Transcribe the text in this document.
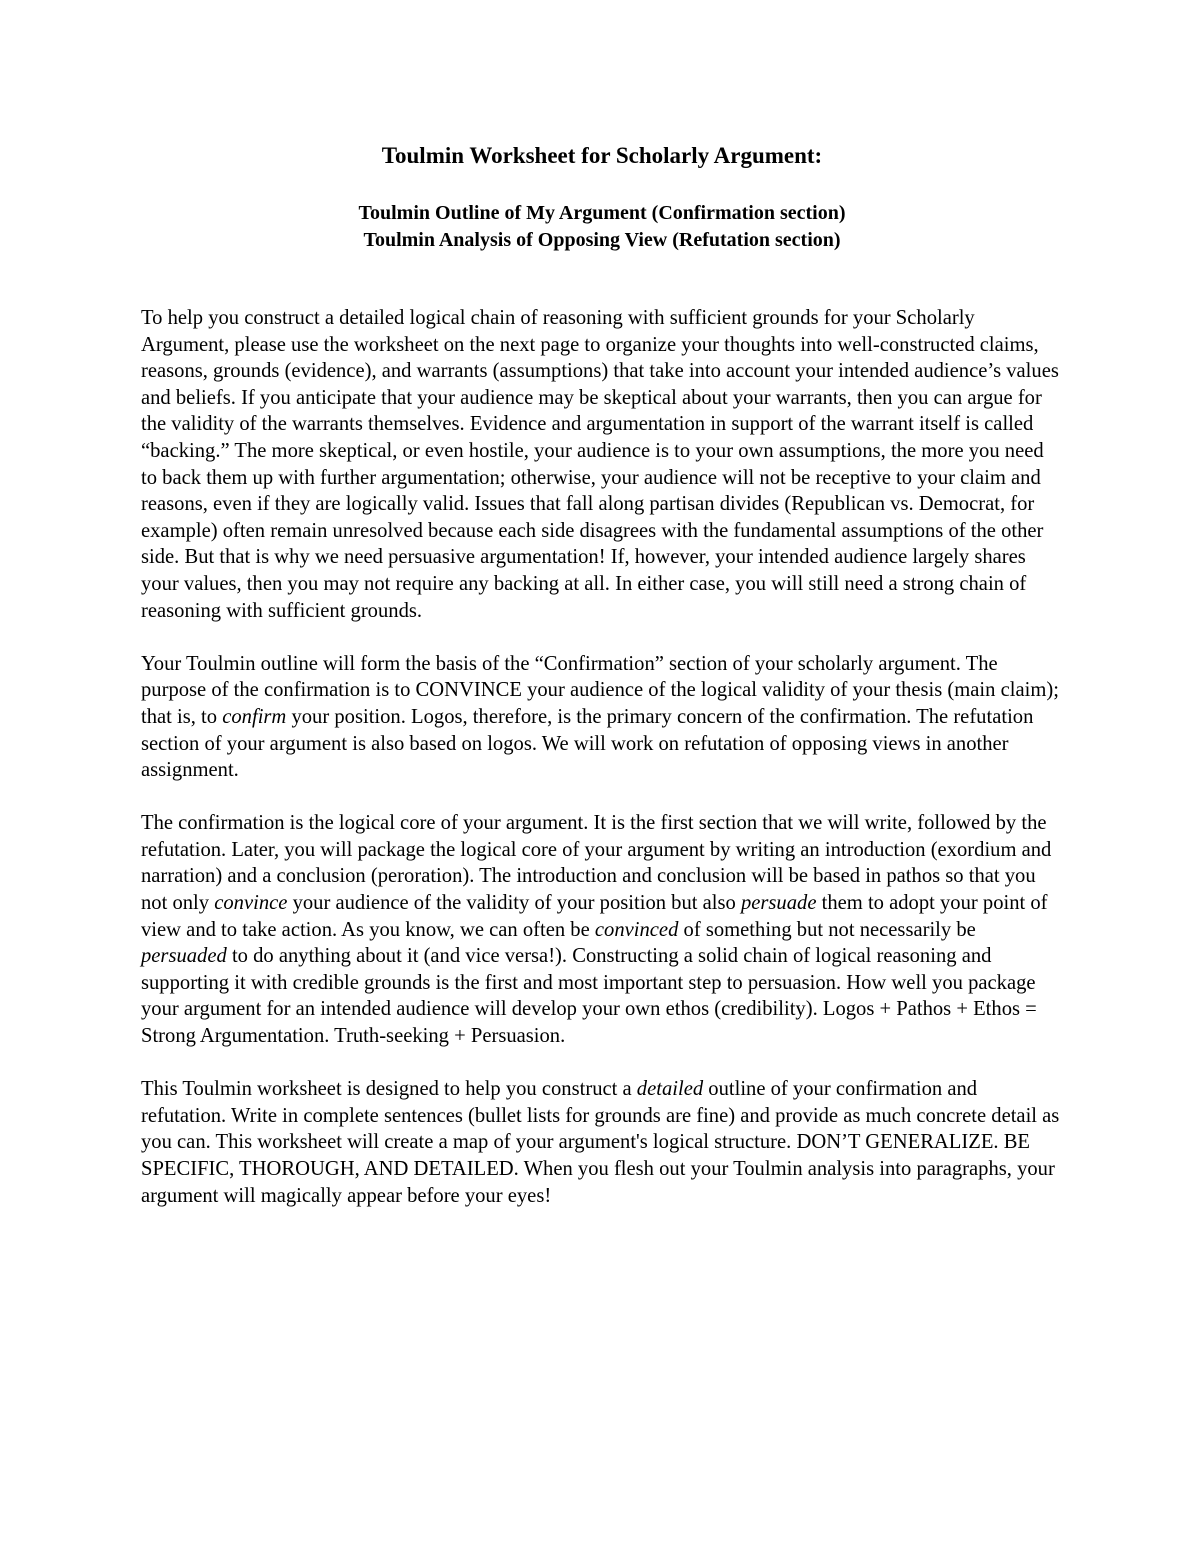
Toulmin Worksheet for Scholarly Argument:
Toulmin Outline of My Argument (Confirmation section)
Toulmin Analysis of Opposing View (Refutation section)

To help you construct a detailed logical chain of reasoning with sufficient grounds for your Scholarly Argument, please use the worksheet on the next page to organize your thoughts into well-constructed claims, reasons, grounds (evidence), and warrants (assumptions) that take into account your intended audience’s values and beliefs. If you anticipate that your audience may be skeptical about your warrants, then you can argue for the validity of the warrants themselves. Evidence and argumentation in support of the warrant itself is called “backing.” The more skeptical, or even hostile, your audience is to your own assumptions, the more you need to back them up with further argumentation; otherwise, your audience will not be receptive to your claim and reasons, even if they are logically valid. Issues that fall along partisan divides (Republican vs. Democrat, for example) often remain unresolved because each side disagrees with the fundamental assumptions of the other side. But that is why we need persuasive argumentation! If, however, your intended audience largely shares your values, then you may not require any backing at all. In either case, you will still need a strong chain of reasoning with sufficient grounds.

Your Toulmin outline will form the basis of the “Confirmation” section of your scholarly argument. The purpose of the confirmation is to CONVINCE your audience of the logical validity of your thesis (main claim); that is, to confirm your position. Logos, therefore, is the primary concern of the confirmation. The refutation section of your argument is also based on logos. We will work on refutation of opposing views in another assignment.

The confirmation is the logical core of your argument. It is the first section that we will write, followed by the refutation. Later, you will package the logical core of your argument by writing an introduction (exordium and narration) and a conclusion (peroration). The introduction and conclusion will be based in pathos so that you not only convince your audience of the validity of your position but also persuade them to adopt your point of view and to take action. As you know, we can often be convinced of something but not necessarily be persuaded to do anything about it (and vice versa!). Constructing a solid chain of logical reasoning and supporting it with credible grounds is the first and most important step to persuasion. How well you package your argument for an intended audience will develop your own ethos (credibility). Logos + Pathos + Ethos = Strong Argumentation. Truth-seeking + Persuasion.

This Toulmin worksheet is designed to help you construct a detailed outline of your confirmation and refutation. Write in complete sentences (bullet lists for grounds are fine) and provide as much concrete detail as you can. This worksheet will create a map of your argument's logical structure. DON’T GENERALIZE. BE SPECIFIC, THOROUGH, AND DETAILED. When you flesh out your Toulmin analysis into paragraphs, your argument will magically appear before your eyes!
